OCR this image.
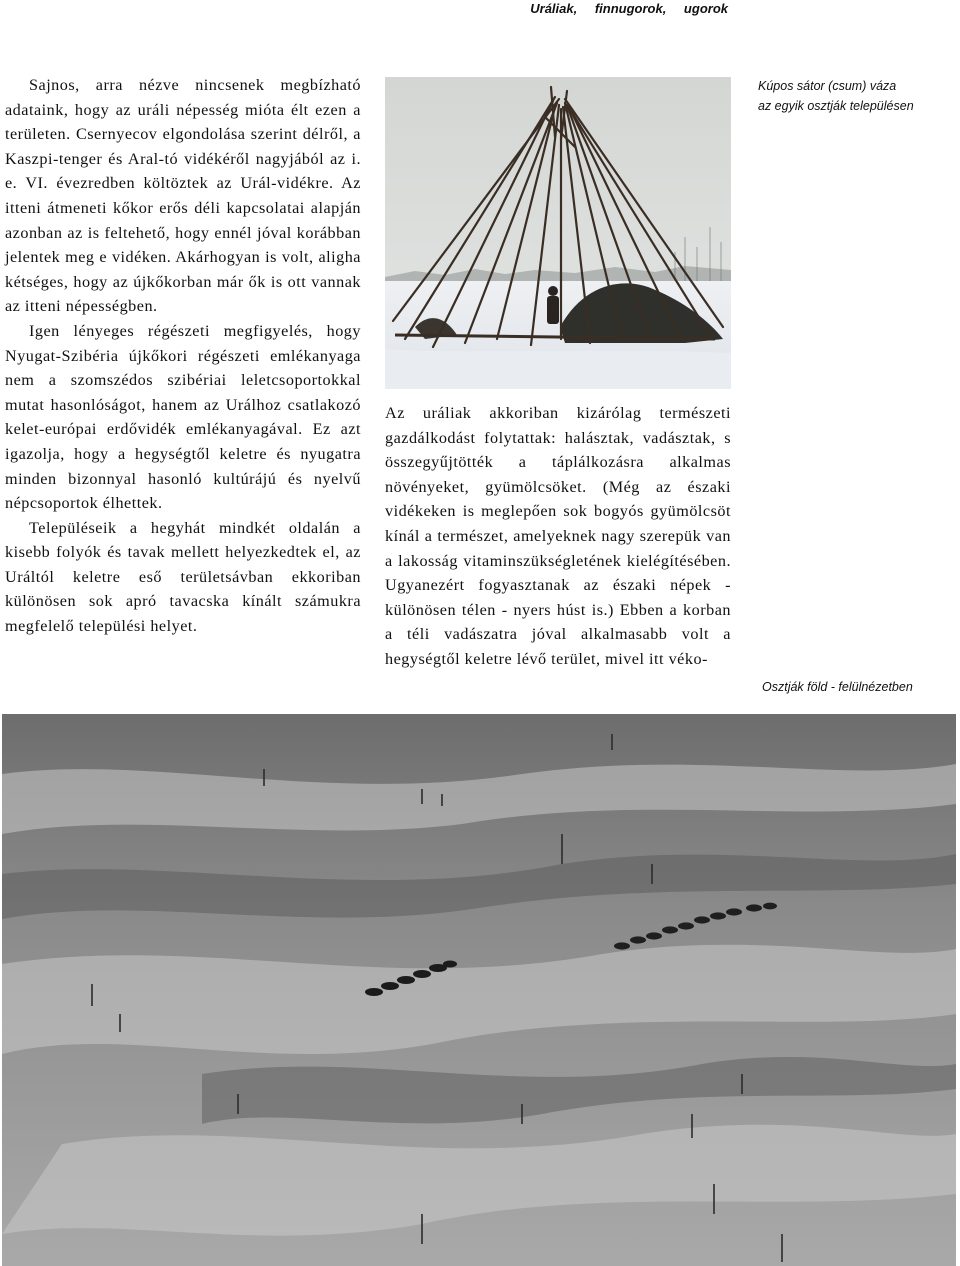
Uráliak, finnugorok, ugorok

Sajnos, arra nézve nincsenek megbízható adataink, hogy az uráli népesség mióta élt ezen a területen. Csernyecov elgondolása szerint délről, a Kaszpi-tenger és Aral-tó vidékéről nagyjából az i. e. VI. évezredben költöztek az Urál-vidékre. Az itteni átmeneti kőkor erős déli kapcsolatai alapján azonban az is feltehető, hogy ennél jóval korábban jelentek meg e vidéken. Akárhogyan is volt, aligha kétséges, hogy az újkőkorban már ők is ott vannak az itteni népességben.

Igen lényeges régészeti megfigyelés, hogy Nyugat-Szibéria újkőkori régészeti emlékanyaga nem a szomszédos szibériai leletcsoportokkal mutat hasonlóságot, hanem az Urálhoz csatlakozó kelet-európai erdővidék emlékanyagával. Ez azt igazolja, hogy a hegységtől keletre és nyugatra minden bizonnyal hasonló kultúrájú és nyelvű népcsoportok élhettek.

Településeik a hegyhát mindkét oldalán a kisebb folyók és tavak mellett helyezkedtek el, az Uráltól keletre eső területsávban ekkoriban különösen sok apró tavacska kínált számukra megfelelő települési helyet.

Kúpos sátor (csum) váza
az egyik osztják településen

Az uráliak akkoriban kizárólag természeti gazdálkodást folytattak: halásztak, vadásztak, s összegyűjtötték a táplálkozásra alkalmas növényeket, gyümölcsöket. (Még az északi vidékeken is meglepően sok bogyós gyümölcsöt kínál a természet, amelyeknek nagy szerepük van a lakosság vitaminszükségletének kielégítésében. Ugyanezért fogyasztanak az északi népek - különösen télen - nyers húst is.) Ebben a korban a téli vadászatra jóval alkalmasabb volt a hegységtől keletre lévő terület, mivel itt véko-

Osztják föld - felülnézetben
